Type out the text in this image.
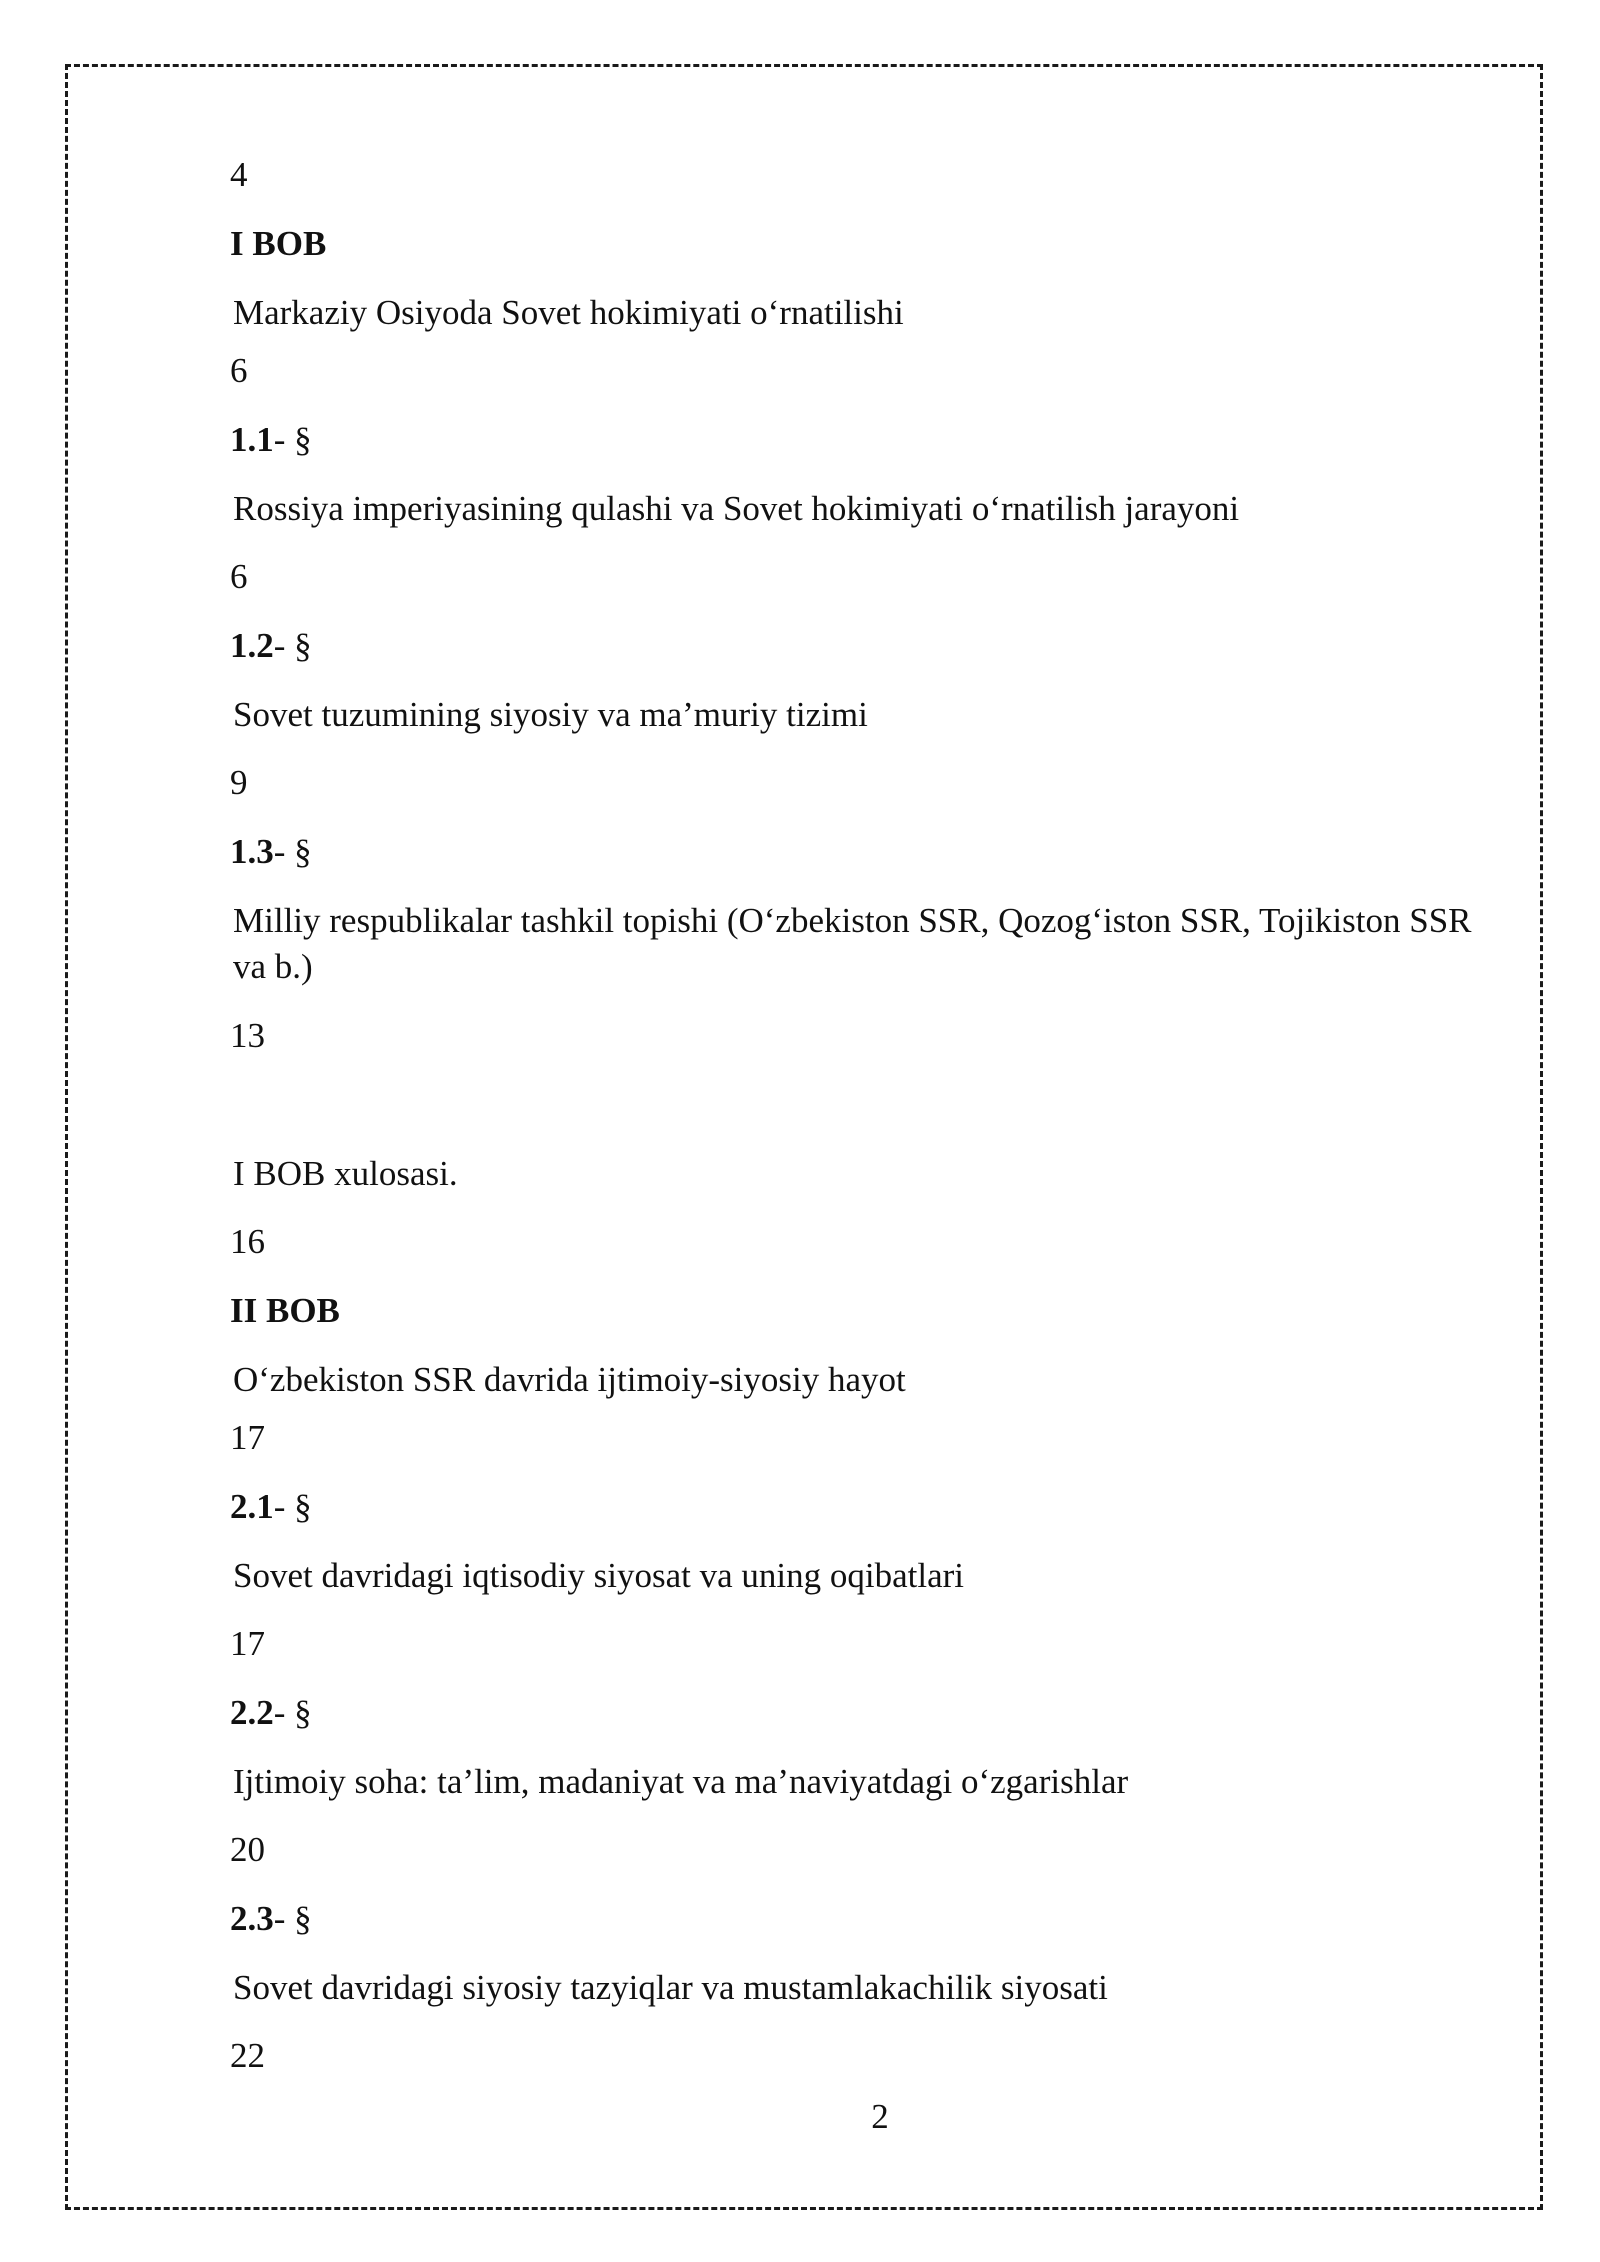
4
I BOB
Markaziy Osiyoda Sovet hokimiyati o‘rnatilishi
6
1.1- §
Rossiya imperiyasining qulashi va Sovet hokimiyati o‘rnatilish jarayoni
6
1.2- §
Sovet tuzumining siyosiy va ma’muriy tizimi
9
1.3- §
Milliy respublikalar tashkil topishi (O‘zbekiston SSR, Qozog‘iston SSR, Tojikiston SSR va b.)
13
I BOB xulosasi.
16
II BOB
O‘zbekiston SSR davrida ijtimoiy-siyosiy hayot
17
2.1- §
Sovet davridagi iqtisodiy siyosat va uning oqibatlari
17
2.2- §
Ijtimoiy soha: ta’lim, madaniyat va ma’naviyatdagi o‘zgarishlar
20
2.3- §
Sovet davridagi siyosiy tazyiqlar va mustamlakachilik siyosati
22
2
